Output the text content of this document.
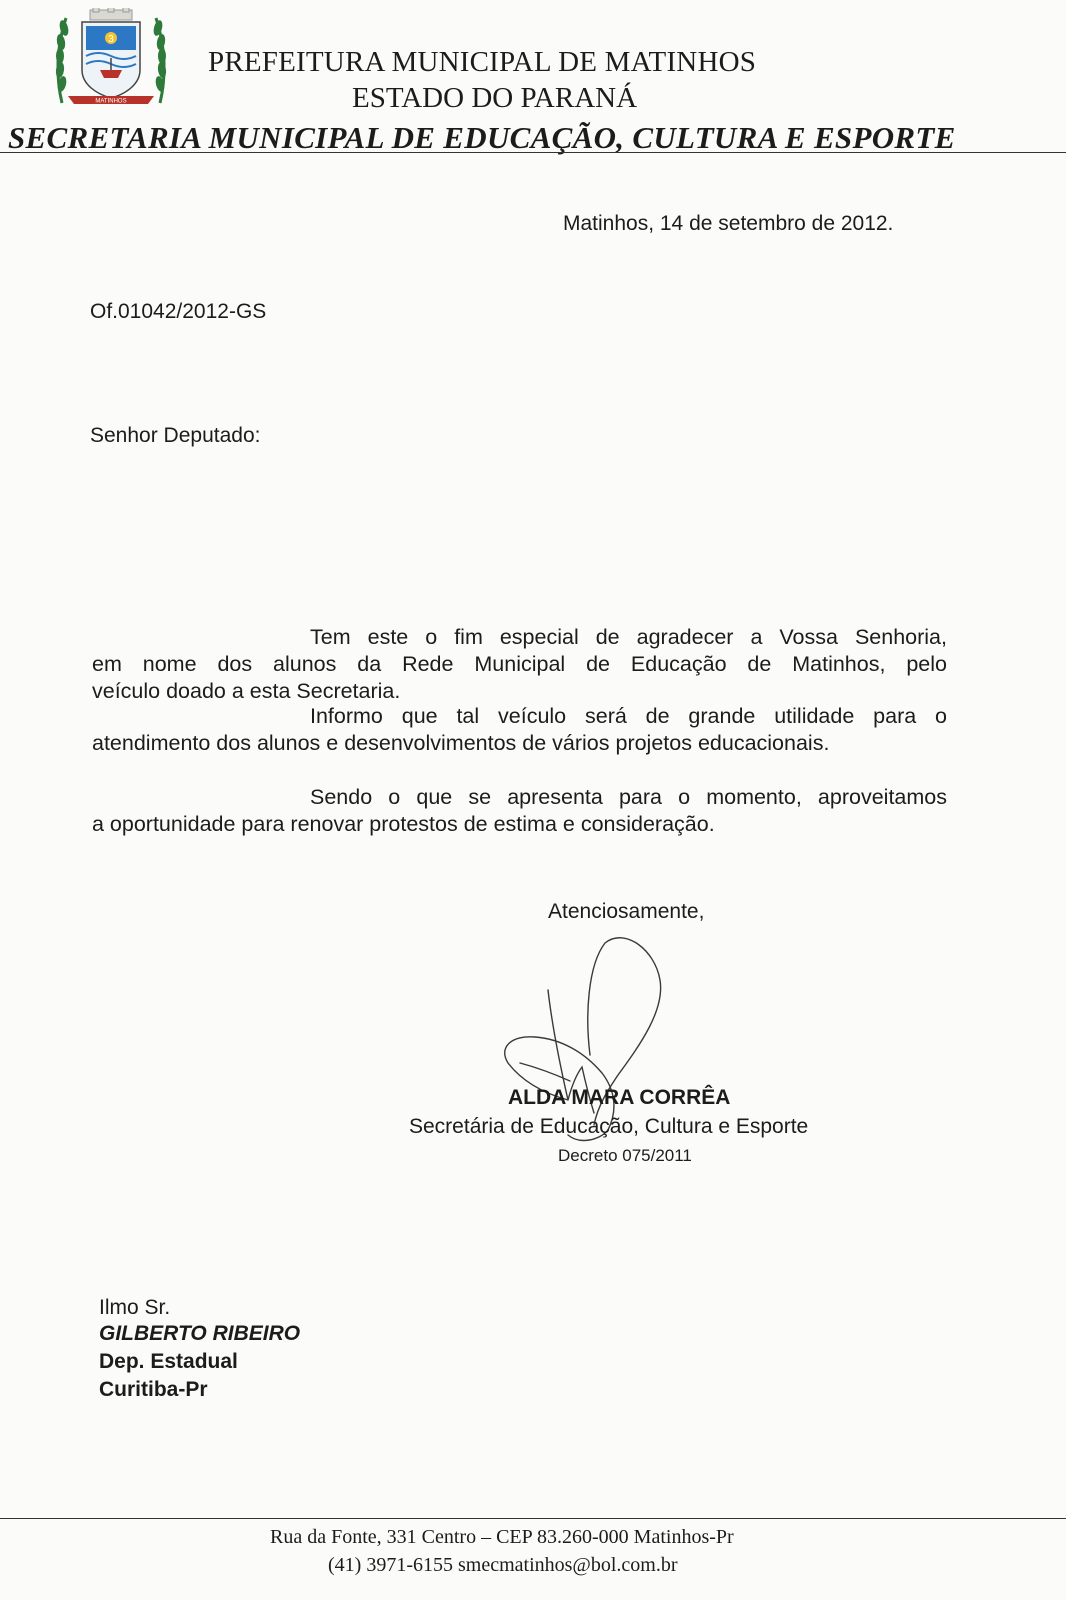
3
MATINHOS
PREFEITURA MUNICIPAL DE MATINHOS
ESTADO DO PARANÁ
SECRETARIA MUNICIPAL DE EDUCAÇÃO, CULTURA E ESPORTE
Matinhos, 14 de setembro de 2012.
Of.01042/2012-GS
Senhor Deputado:
Tem este o fim especial de agradecer a Vossa Senhoria,
em nome dos alunos da Rede Municipal de Educação de Matinhos, pelo
veículo doado a esta Secretaria.
Informo que tal veículo será de grande utilidade para o
atendimento dos alunos e desenvolvimentos de vários projetos educacionais.
Sendo o que se apresenta para o momento, aproveitamos
a oportunidade para renovar protestos de estima e consideração.
Atenciosamente,
ALDA MARA CORRÊA
Secretária de Educação, Cultura e Esporte
Decreto 075/2011
Ilmo Sr.
GILBERTO RIBEIRO
Dep. Estadual
Curitiba-Pr
Rua da Fonte, 331 Centro – CEP 83.260-000 Matinhos-Pr
(41) 3971-6155 smecmatinhos@bol.com.br
